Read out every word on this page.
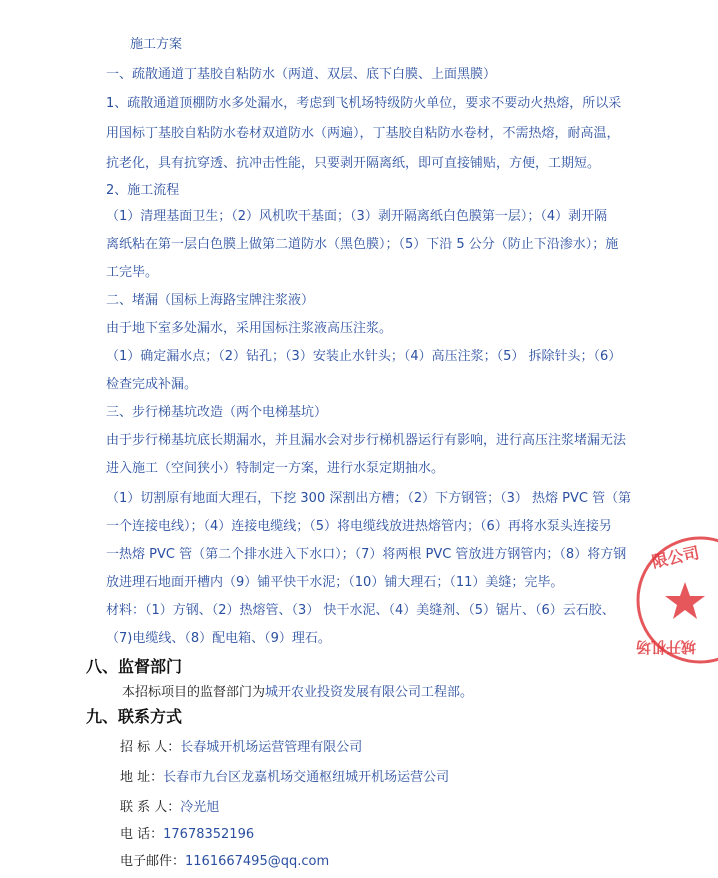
施工方案
一、疏散通道丁基胶自粘防水（两道、双层、底下白膜、上面黑膜）
1、疏散通道顶棚防水多处漏水，考虑到飞机场特级防火单位，要求不要动火热熔，所以采
用国标丁基胶自粘防水卷材双道防水（两遍），丁基胶自粘防水卷材，不需热熔，耐高温，
抗老化，具有抗穿透、抗冲击性能，只要剥开隔离纸，即可直接铺贴，方便，工期短。
2、施工流程
（1）清理基面卫生；（2）风机吹干基面；（3）剥开隔离纸白色膜第一层）；（4）剥开隔
离纸粘在第一层白色膜上做第二道防水（黑色膜）；（5）下沿 5 公分（防止下沿渗水）；施
工完毕。
二、堵漏（国标上海路宝牌注浆液）
由于地下室多处漏水，采用国标注浆液高压注浆。
（1）确定漏水点；（2）钻孔；（3）安装止水针头；（4）高压注浆；（5） 拆除针头；（6）
检查完成补漏。
三、步行梯基坑改造（两个电梯基坑）
由于步行梯基坑底长期漏水，并且漏水会对步行梯机器运行有影响，进行高压注浆堵漏无法
进入施工（空间狭小）特制定一方案，进行水泵定期抽水。
（1）切割原有地面大理石，下挖 300 深割出方槽；（2）下方钢管；（3） 热熔 PVC 管（第
一个连接电线）；（4）连接电缆线；（5）将电缆线放进热熔管内；（6）再将水泵头连接另
一热熔 PVC 管（第二个排水进入下水口）；（7）将两根 PVC 管放进方钢管内；（8）将方钢
放进理石地面开槽内（9）铺平快干水泥；（10）铺大理石；（11）美缝；完毕。
材料：（1）方钢、（2）热熔管、（3） 快干水泥、（4）美缝剂、（5）锯片、（6）云石胶、
（7)电缆线、（8）配电箱、（9）理石。
八、监督部门
本招标项目的监督部门为城开农业投资发展有限公司工程部。
九、联系方式
招 标 人：长春城开机场运营管理有限公司
地 址：长春市九台区龙嘉机场交通枢纽城开机场运营公司
联 系 人：冷光旭
电 话：17678352196
电子邮件：1161667495@qq.com
限公司
城开机场
